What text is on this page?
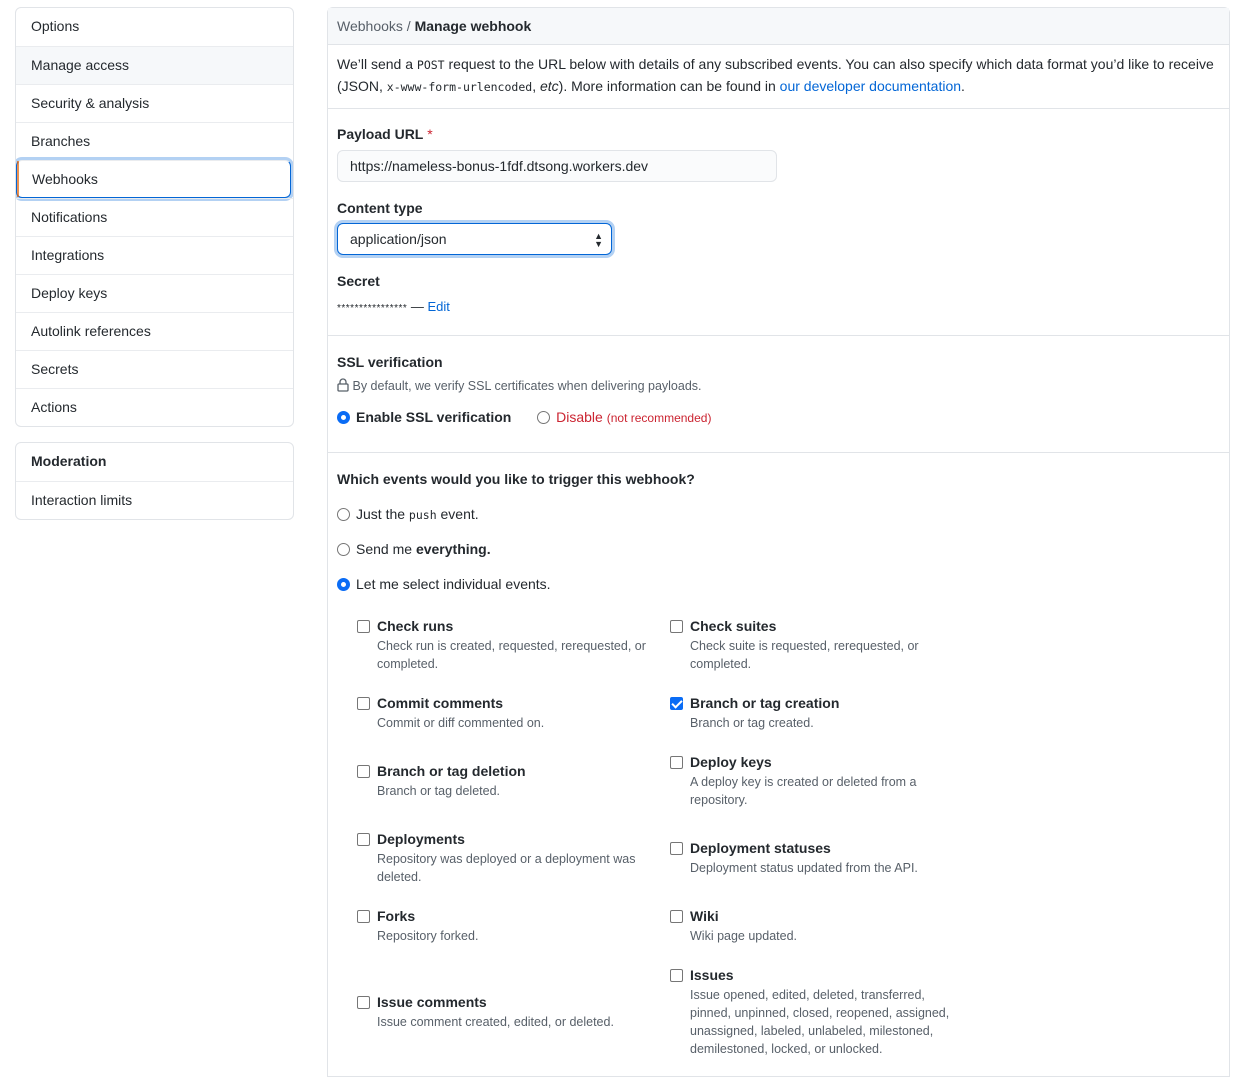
Options
Manage access
Security & analysis
Branches
Webhooks
Notifications
Integrations
Deploy keys
Autolink references
Secrets
Actions
Moderation
Interaction limits
Webhooks / Manage webhook
We’ll send a POST request to the URL below with details of any subscribed events. You can also specify which data format you’d like to receive (JSON, x-www-form-urlencoded, etc). More information can be found in our developer documentation.
Payload URL *
https://nameless-bonus-1fdf.dtsong.workers.dev
Content type
application/json	▲
▼
Secret
**************** — Edit
SSL verification
By default, we verify SSL certificates when delivering payloads.
Enable SSL verification	Disable (not recommended)
Which events would you like to trigger this webhook?
Just the push event.
Send me everything.
Let me select individual events.
Check runs
Check run is created, requested, rerequested, or completed.
Check suites
Check suite is requested, rerequested, or completed.
Commit comments
Commit or diff commented on.
Branch or tag creation
Branch or tag created.
Branch or tag deletion
Branch or tag deleted.
Deploy keys
A deploy key is created or deleted from a repository.
Deployments
Repository was deployed or a deployment was deleted.
Deployment statuses
Deployment status updated from the API.
Forks
Repository forked.
Wiki
Wiki page updated.
Issue comments
Issue comment created, edited, or deleted.
Issues
Issue opened, edited, deleted, transferred, pinned, unpinned, closed, reopened, assigned, unassigned, labeled, unlabeled, milestoned, demilestoned, locked, or unlocked.
